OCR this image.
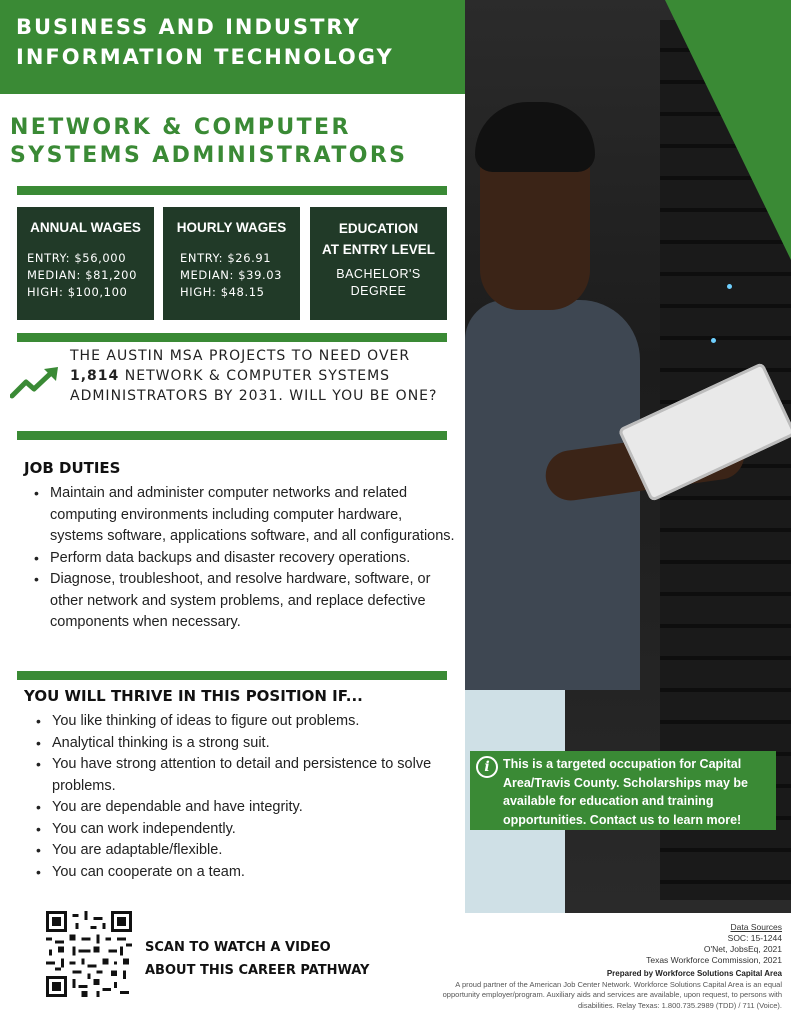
BUSINESS AND INDUSTRY
INFORMATION TECHNOLOGY
i	This is a targeted occupation for Capital Area/Travis County. Scholarships may be available for education and training opportunities. Contact us to learn more!
NETWORK & COMPUTER
SYSTEMS ADMINISTRATORS
ANNUAL WAGES
ENTRY: $56,000
MEDIAN: $81,200
HIGH: $100,100
HOURLY WAGES
ENTRY: $26.91
MEDIAN: $39.03
HIGH: $48.15
EDUCATION
AT ENTRY LEVEL
BACHELOR'S
DEGREE
THE AUSTIN MSA PROJECTS TO NEED OVER 1,814 NETWORK & COMPUTER SYSTEMS ADMINISTRATORS BY 2031. WILL YOU BE ONE?
JOB DUTIES
• Maintain and administer computer networks and related computing environments including computer hardware, systems software, applications software, and all configurations.
• Perform data backups and disaster recovery operations.
• Diagnose, troubleshoot, and resolve hardware, software, or other network and system problems, and replace defective components when necessary.
YOU WILL THRIVE IN THIS POSITION IF...
• You like thinking of ideas to figure out problems.
• Analytical thinking is a strong suit.
• You have strong attention to detail and persistence to solve problems.
• You are dependable and have integrity.
• You can work independently.
• You are adaptable/flexible.
• You can cooperate on a team.
SCAN TO WATCH A VIDEO
ABOUT THIS CAREER PATHWAY
Data Sources
SOC: 15-1244
O'Net, JobsEq, 2021
Texas Workforce Commission, 2021
Prepared by Workforce Solutions Capital Area
A proud partner of the American Job Center Network. Workforce Solutions Capital Area is an equal opportunity employer/program. Auxiliary aids and services are available, upon request, to persons with disabilities. Relay Texas: 1.800.735.2989 (TDD) / 711 (Voice).
